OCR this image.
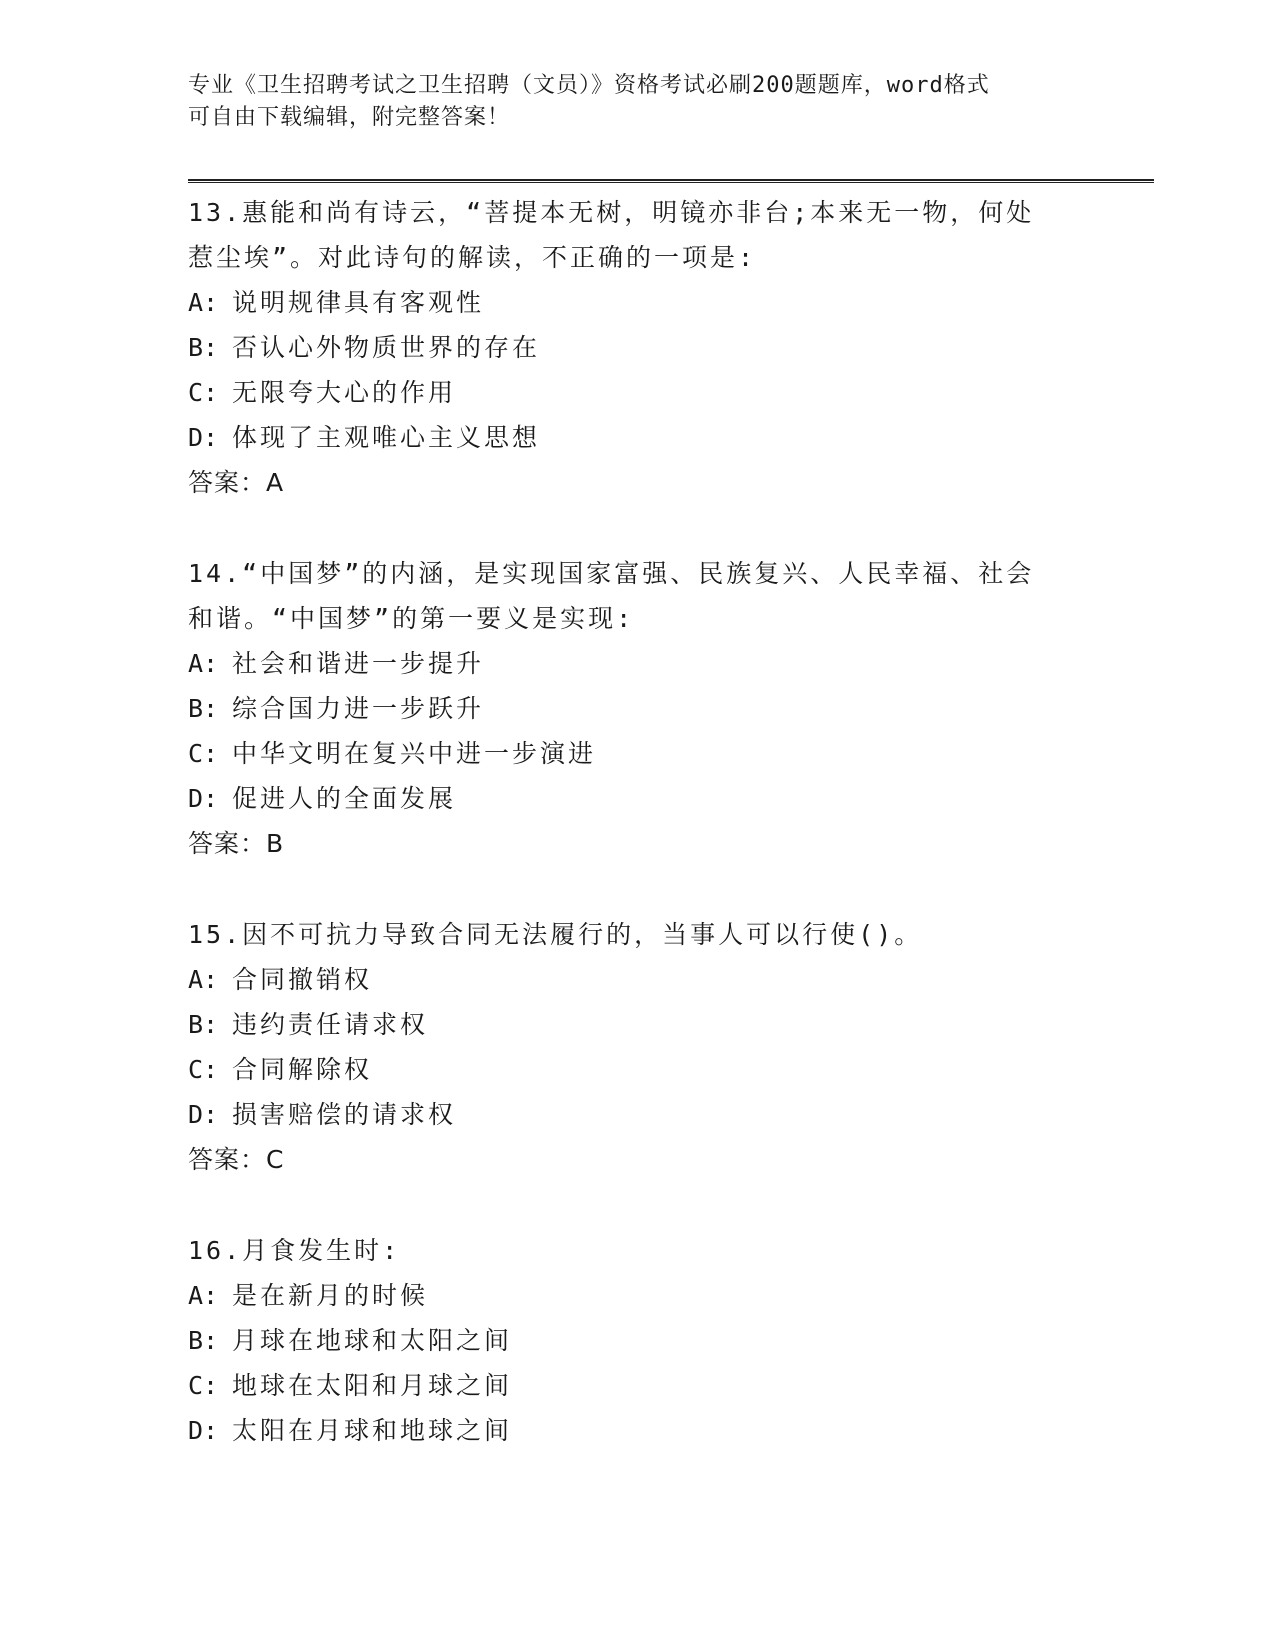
专业《卫生招聘考试之卫生招聘（文员）》资格考试必刷200题题库，word格式
可自由下载编辑，附完整答案！

13.惠能和尚有诗云，“菩提本无树，明镜亦非台;本来无一物，何处
惹尘埃”。对此诗句的解读，不正确的一项是:

A: 说明规律具有客观性
B: 否认心外物质世界的存在
C: 无限夸大心的作用
D: 体现了主观唯心主义思想
答案：A

14.“中国梦”的内涵，是实现国家富强、民族复兴、人民幸福、社会
和谐。“中国梦”的第一要义是实现:

A: 社会和谐进一步提升
B: 综合国力进一步跃升
C: 中华文明在复兴中进一步演进
D: 促进人的全面发展
答案：B

15.因不可抗力导致合同无法履行的，当事人可以行使()。

A: 合同撤销权
B: 违约责任请求权
C: 合同解除权
D: 损害赔偿的请求权
答案：C

16.月食发生时:

A: 是在新月的时候
B: 月球在地球和太阳之间
C: 地球在太阳和月球之间
D: 太阳在月球和地球之间
